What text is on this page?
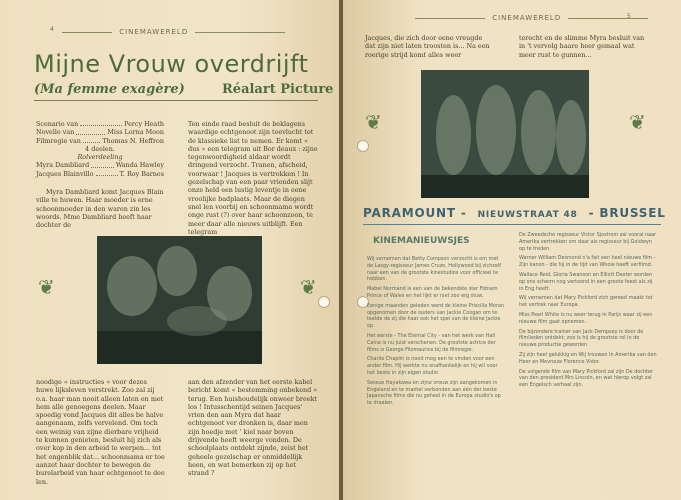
4	CINEMAWERELD
Mijne Vrouw overdrijft
(Ma femme exagère)	Réalart Picture
Scenario van	Percy Heath
Novelle van	Miss Lorna Moon
Filmregie van	Thomas N. Heffron
4 deelen.
Rolverdeeling
Myra Dambliard	Wanda Hawley
Jacques Blainvillo	T. Roy Barnes

Myra Dambliard komt Jacques Blain ville te huwen. Haar moeder is erne schoonmoeder in den waren zin les woords. Mme Dambliard heeft haar dochter de

Ten einde raad besluit de beklagens waardige echtgenoot zijn toevlucht tot de klassieke list te nemen. Er komt « dus » een telegram uit Bor deaux : zijne tegenwoordigheid aldaar wordt dringend verzocht. Tranen, afscheid, voorwaar ! Jacques is vertrokken ! In gezelschap van een paar vrienden slijt onze held een lustig leventje in eene vroolijke badplaats. Maar de diegen snel len voorbij en schoonmama wordt onge rust (?) over haar schoonzoon, te meer daar alle nieuws uitblijft. Een telegram

❦	❦

noodige « instructies » voor dezes huwe lijksleven verstrekt. Zoo zal zij o.a. haar man nooit alleen laten en met hem alle genoegens deelen. Maar spoedig vond Jacques dit alles be halve aangenaam, zelfs vervelend. Om toch een weinig van zijne dierbare vrijheid te kunnen genieten, besluit hij zich als over kop in den arbeid te werpen... tot het ongenblik dat... schoonmama er toe aanzet haar dochter te bewegen de burelarbeid van haar echtgenoot te dee len.

aan den afzender van het eerste kabel bericht komt « bestemming onbekend » terug. Een huishoudelijk onweer breekt los ! Intusschentijd seinen Jacques' vrien den aan Myra dat haar echtgenoot ver dronken is, daar men zijn hoedje met ' kiel naar boven drijvende heeft weerge vonden. De schoolplaats ontdekt zijnde, zeist het geheele gezelschap er onmiddellijk heen, en wat bemerken zij op het strand ?

CINEMAWERELD	5

Jacques, die zich door eene vreugde dat zijn niet laten troosten is... Na een roerige strijd komt alles weer

terecht en de slimme Myra besluit van in 't vervolg haare heer gemaal wat meer rust te gunnen...

❦	❦
PARAMOUNT - NIEUWSTRAAT 48 - BRUSSEL
KINEMANIEUWSJES

Wij vernemen dat Betty Compson verzocht is om met de Lasgy-regisseur James Cruze, Hollywood bij zichzelf naar een van de grootste kinestudios voor officieel te hebben.

Mabel Normand is een van de bekendste ster Fidnam Prince of Wales en het lijkt er niet zoo erg stuw.

Eenige maanden geleden werd de kleine Priscilla Moran opgenomen door de ouders van Jackie Coogan om te teelde de zij die haar ook het spel van de kleine Jackie op.

Het eerste - The Eternal City - van het werk van Hall Caine is nu juist verschenen. De grootste actrice der films is George Fitzmaurice bij de filmregie.

Charlie Chaplin is nooit mog een te vinden voor een ander film. Hij werkte nu onafhankelijk en hij wil voor het beste in zijn eigen studio.

Sessue Hayakawa en zijne vrouw zijn aangekomen in Engeland en te mantel verbonden aan één der beste Japansche films die nu geheel in de Europa studio's op te draaien.

De Zweedsche regisseur Victor Sjostrom zal vooral naar Amerika vertrekken om daar als regisseur bij Goldwyn op te treden.

Warner William Desmond n'a fait een heel nieuwe film - Zijn kanon - die hij in de tijd van Whole heeft verfilmd.

Wallace Reid, Gloria Swanson en Elliott Dexter worden op ons scherm nog vertoond in een groote feest als zij in Eng heeft.

Wij vernemen dat Mary Pickford zich gereed maakt tot het vertrek naar Europa.

Miss Pearl White is nu weer terug in Parijs waar zij een nieuwe film gaat opnemen.

De bijzondere trainer van Jack Dempsey is door de filmlieden ontdekt; zoo is hij de grootste rol in de nieuwe productie geworden.

Zij zijn heel gelukkig en Wij trouwen in Amerika van den Heer en Mevrouw Florence Vidor.

De volgende film van Mary Pickford zal zijn De dochter van den president Mrs Lincoln, en wat hierop volgt zal een Engelsch verhaal zijn.
